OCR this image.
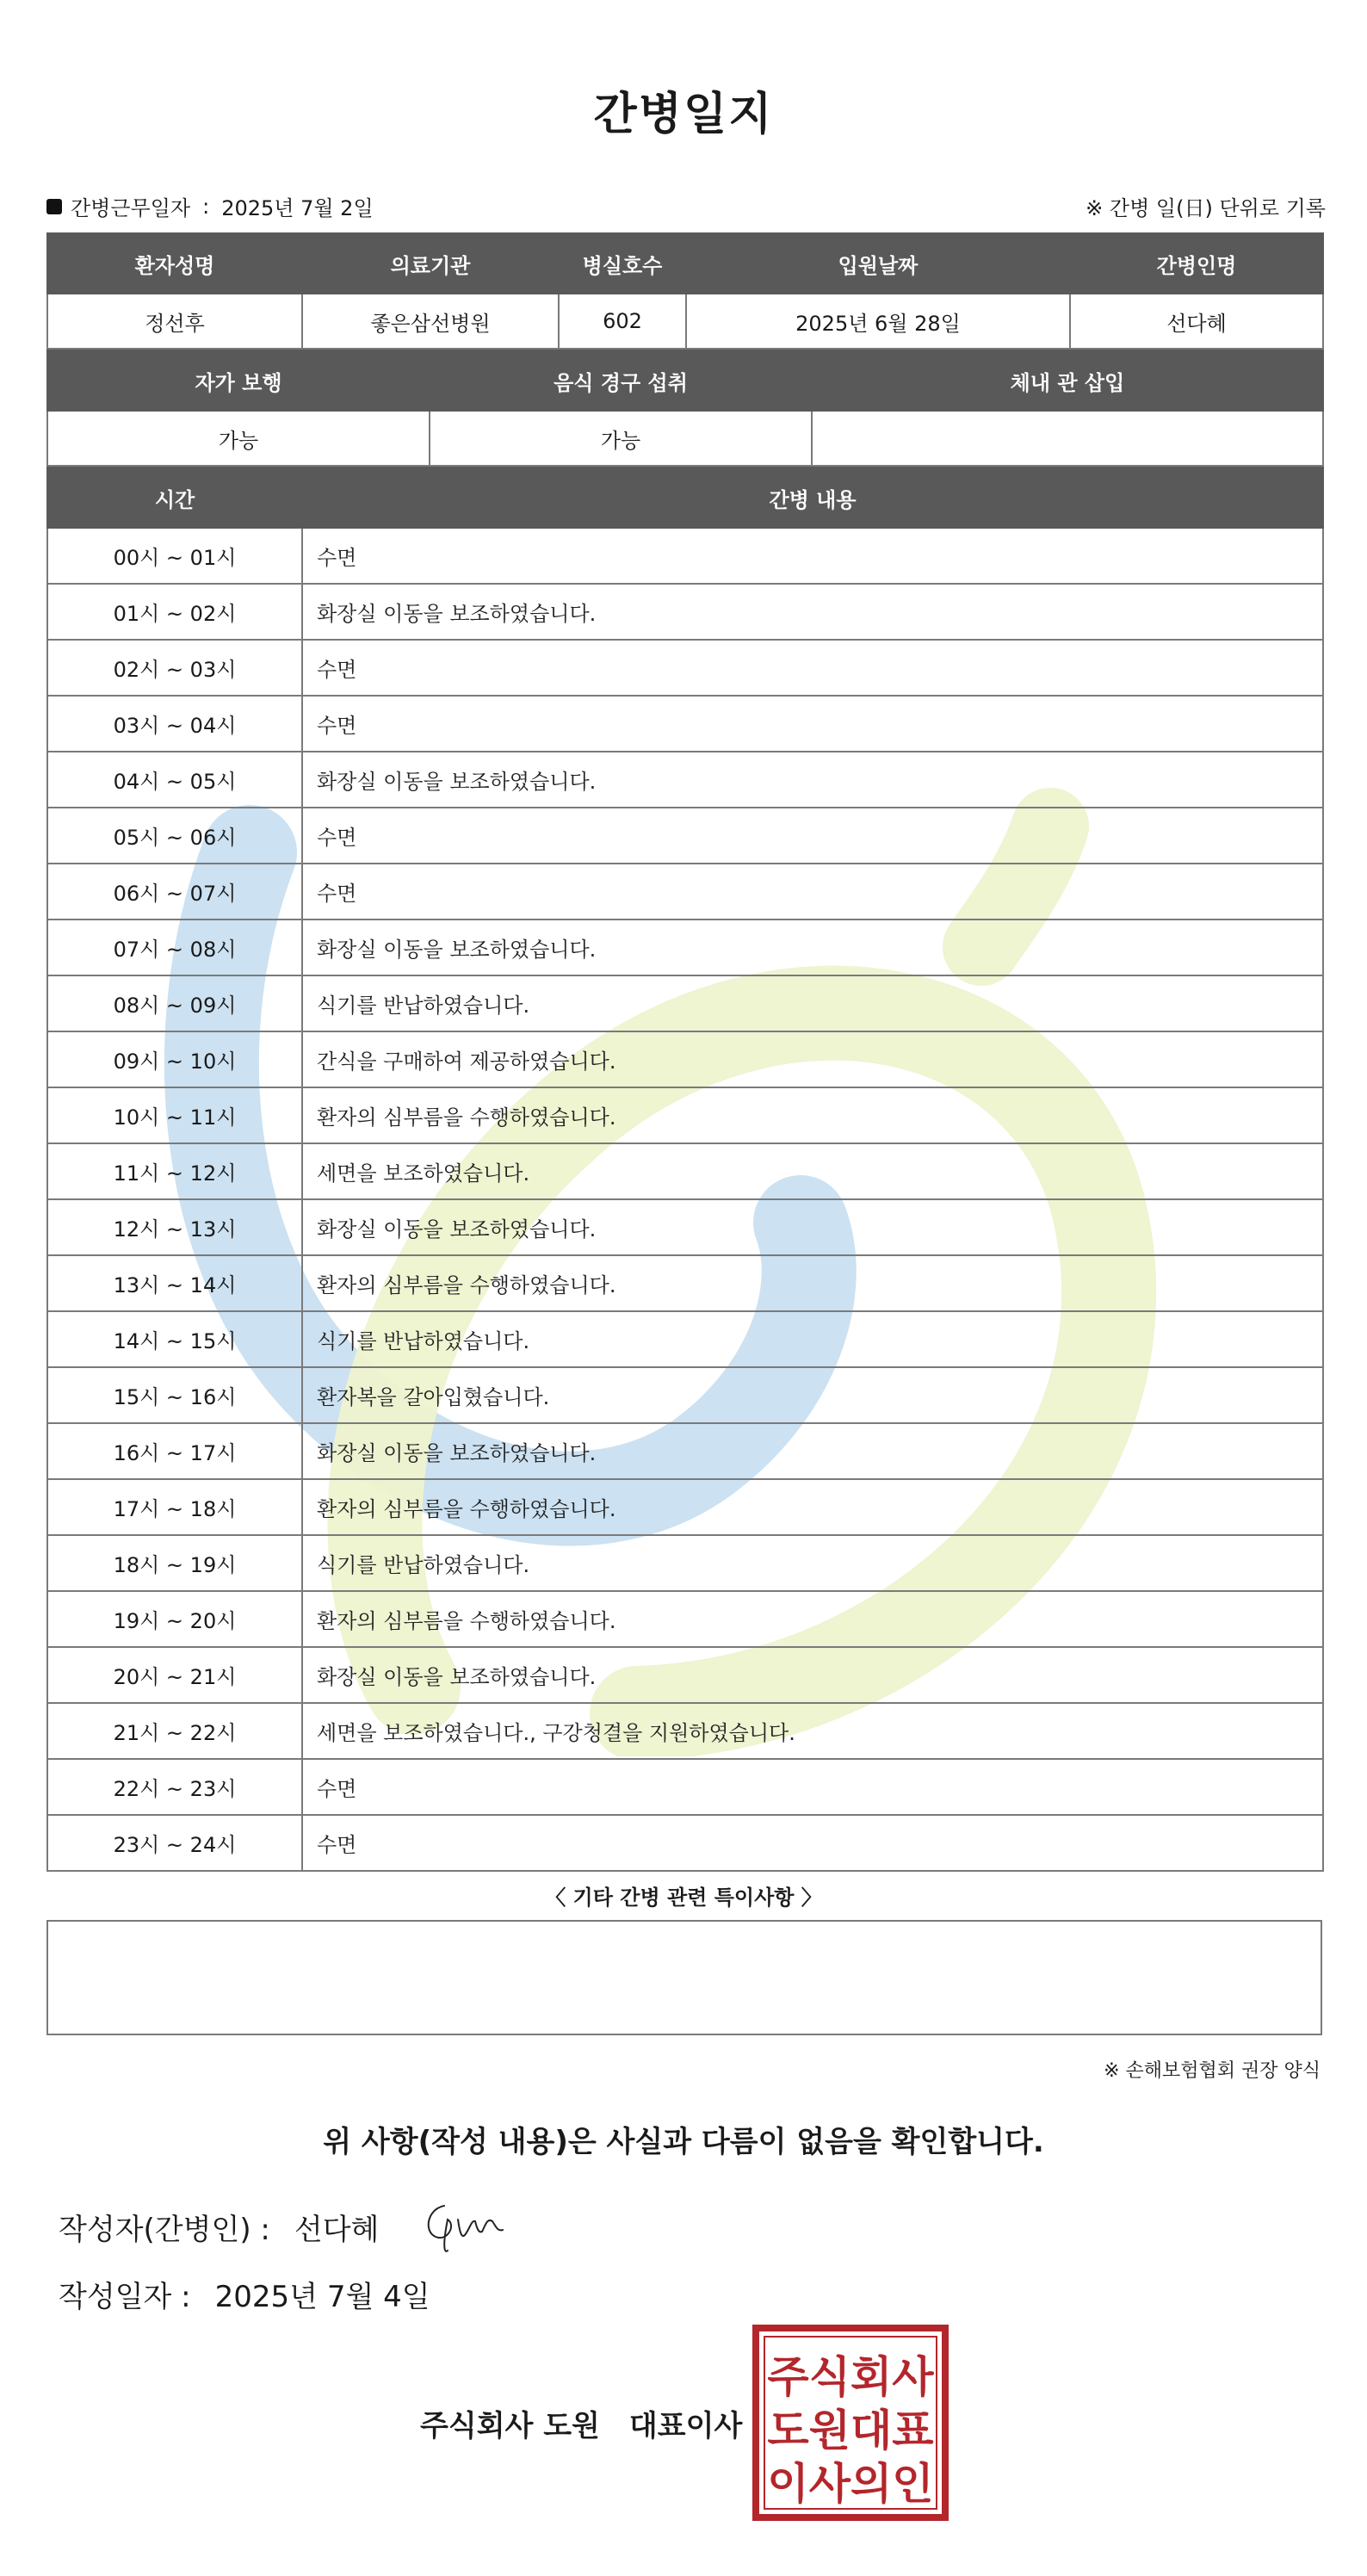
간병일지
간병근무일자 : 2025년 7월 2일	※ 간병 일(日) 단위로 기록
환자성명	의료기관	병실호수	입원날짜	간병인명
정선후	좋은삼선병원	602	2025년 6월 28일	선다혜
자가 보행	음식 경구 섭취	체내 관 삽입
가능	가능	
시간	간병 내용
00시 ~ 01시	수면
01시 ~ 02시	화장실 이동을 보조하였습니다.
02시 ~ 03시	수면
03시 ~ 04시	수면
04시 ~ 05시	화장실 이동을 보조하였습니다.
05시 ~ 06시	수면
06시 ~ 07시	수면
07시 ~ 08시	화장실 이동을 보조하였습니다.
08시 ~ 09시	식기를 반납하였습니다.
09시 ~ 10시	간식을 구매하여 제공하였습니다.
10시 ~ 11시	환자의 심부름을 수행하였습니다.
11시 ~ 12시	세면을 보조하였습니다.
12시 ~ 13시	화장실 이동을 보조하였습니다.
13시 ~ 14시	환자의 심부름을 수행하였습니다.
14시 ~ 15시	식기를 반납하였습니다.
15시 ~ 16시	환자복을 갈아입혔습니다.
16시 ~ 17시	화장실 이동을 보조하였습니다.
17시 ~ 18시	환자의 심부름을 수행하였습니다.
18시 ~ 19시	식기를 반납하였습니다.
19시 ~ 20시	환자의 심부름을 수행하였습니다.
20시 ~ 21시	화장실 이동을 보조하였습니다.
21시 ~ 22시	세면을 보조하였습니다., 구강청결을 지원하였습니다.
22시 ~ 23시	수면
23시 ~ 24시	수면
〈 기타 간병 관련 특이사항 〉
※ 손해보험협회 권장 양식
위 사항(작성 내용)은 사실과 다름이 없음을 확인합니다.
작성자(간병인) : 선다혜
작성일자 : 2025년 7월 4일
주식회사 도원 대표이사
주식회사
도원대표
이사의인
